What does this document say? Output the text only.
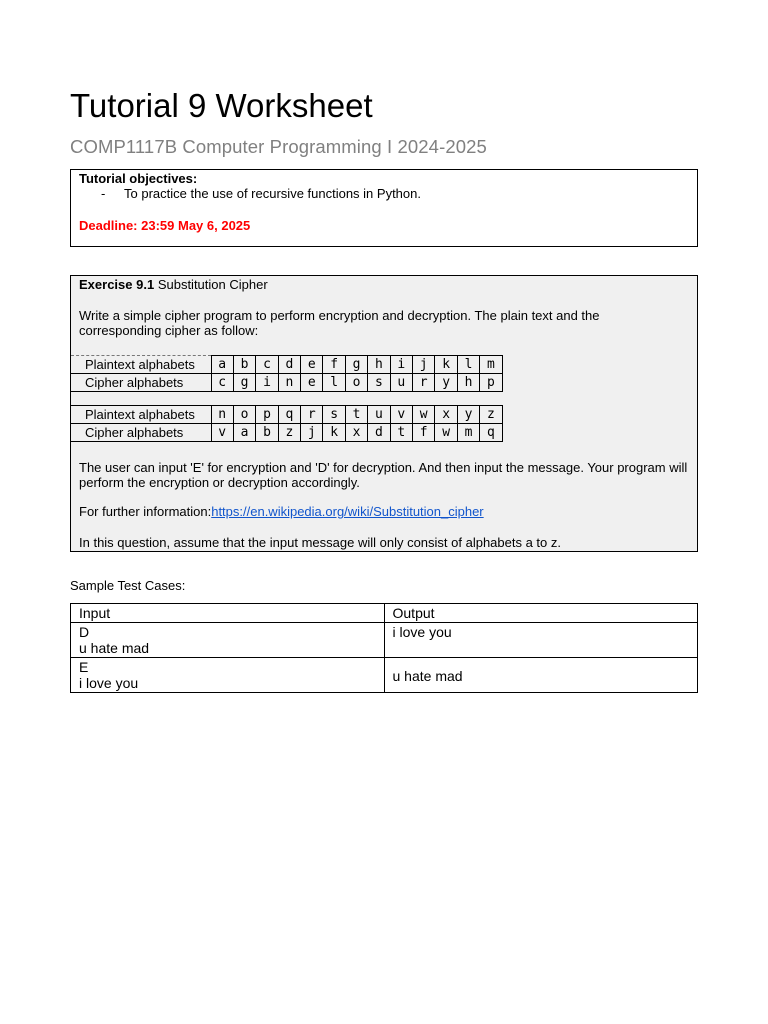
Tutorial 9 Worksheet
COMP1117B Computer Programming I 2024-2025
Tutorial objectives:
- To practice the use of recursive functions in Python.
Deadline: 23:59 May 6, 2025
Exercise 9.1 Substitution Cipher
Write a simple cipher program to perform encryption and decryption. The plain text and the corresponding cipher as follow:
Plaintext alphabets	a	b	c	d	e	f	g	h	i	j	k	l	m
Cipher alphabets	c	g	i	n	e	l	o	s	u	r	y	h	p
Plaintext alphabets	n	o	p	q	r	s	t	u	v	w	x	y	z
Cipher alphabets	v	a	b	z	j	k	x	d	t	f	w	m	q
The user can input 'E' for encryption and 'D' for decryption. And then input the message. Your program will perform the encryption or decryption accordingly.
For further information:https://en.wikipedia.org/wiki/Substitution_cipher
In this question, assume that the input message will only consist of alphabets a to z.
Sample Test Cases:
Input	Output

D
u hate mad	i love you

E
i love you	u hate mad
